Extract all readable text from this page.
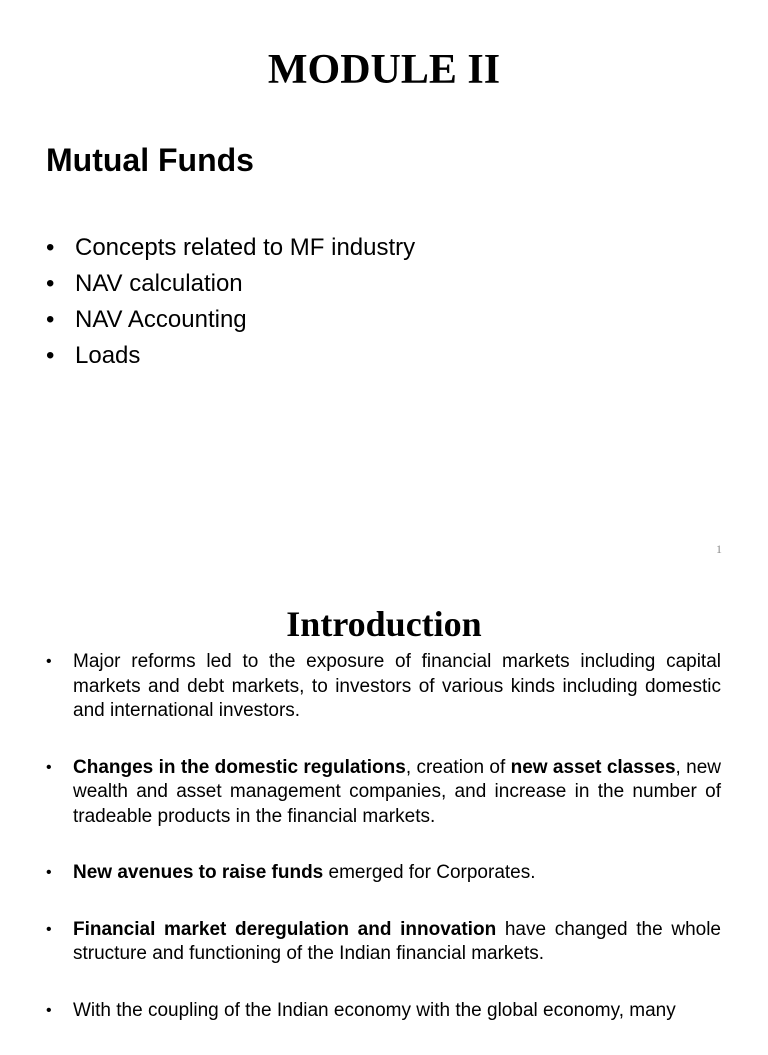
MODULE II
Mutual Funds
• Concepts related to MF industry
• NAV calculation
• NAV Accounting
• Loads
1
Introduction
• Major reforms led to the exposure of financial markets including capital markets and debt markets, to investors of various kinds including domestic and international investors.
• Changes in the domestic regulations, creation of new asset classes, new wealth and asset management companies, and increase in the number of tradeable products in the financial markets.
• New avenues to raise funds emerged for Corporates.
• Financial market deregulation and innovation have changed the whole structure and functioning of the Indian financial markets.
• With the coupling of the Indian economy with the global economy, many
